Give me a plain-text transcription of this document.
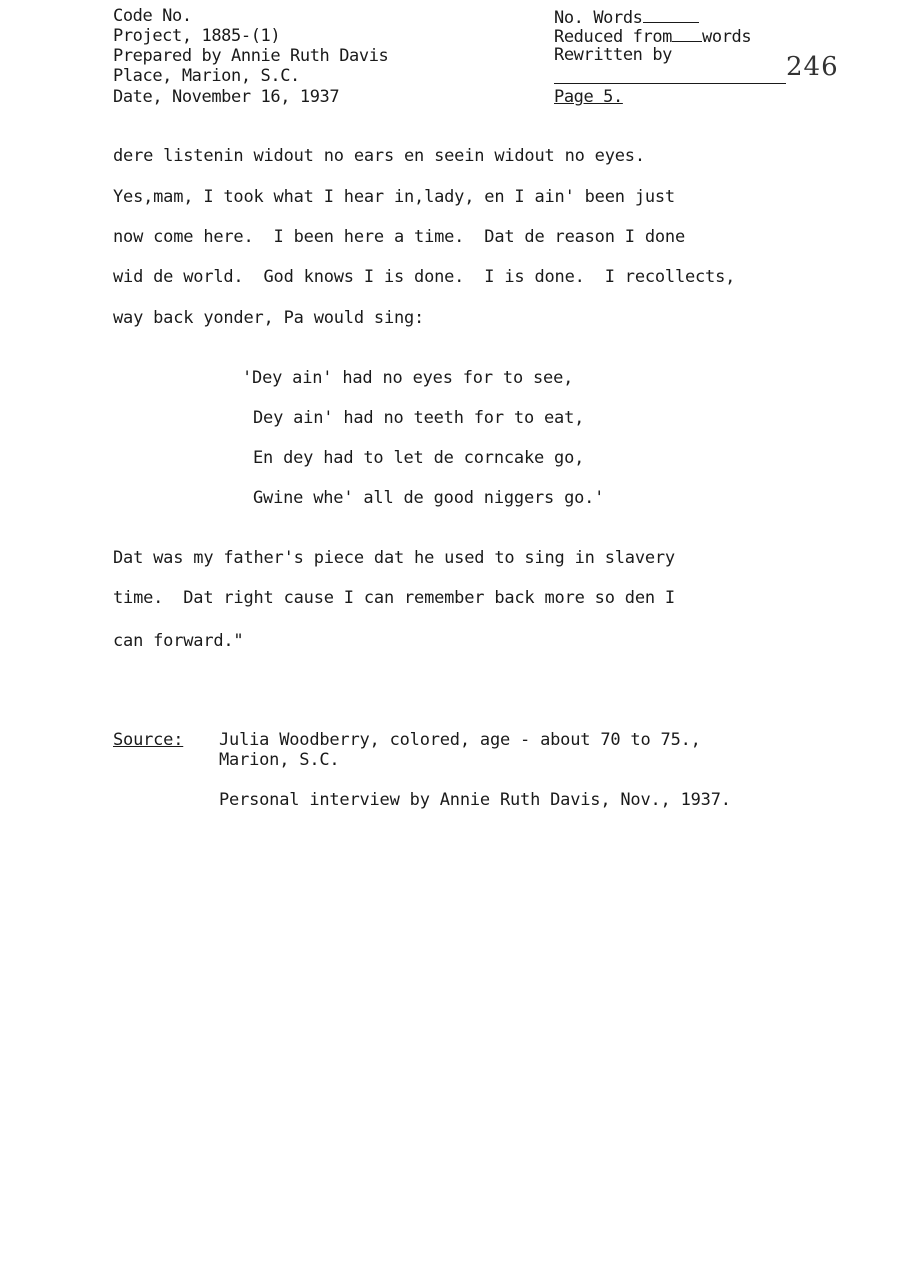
Code No.
Project, 1885-(1)
Prepared by Annie Ruth Davis
Place, Marion, S.C.
Date, November 16, 1937
No. Words
Reduced from words
Rewritten by
Page 5.
246
dere listenin widout no ears en seein widout no eyes.
Yes,mam, I took what I hear in,lady, en I ain' been just
now come here.  I been here a time.  Dat de reason I done
wid de world.  God knows I is done.  I is done.  I recollects,
way back yonder, Pa would sing:
'Dey ain' had no eyes for to see,
Dey ain' had no teeth for to eat,
En dey had to let de corncake go,
Gwine whe' all de good niggers go.'
Dat was my father's piece dat he used to sing in slavery
time.  Dat right cause I can remember back more so den I
can forward."
Source: Julia Woodberry, colored, age - about 70 to 75.,
Marion, S.C.
Personal interview by Annie Ruth Davis, Nov., 1937.
